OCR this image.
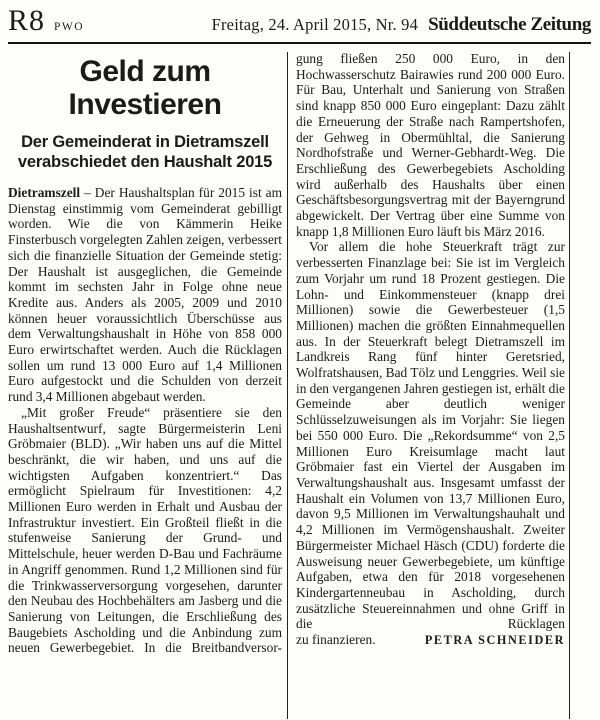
R8 PWO	Freitag, 24. April 2015, Nr. 94 Süddeutsche Zeitung
Geld zum Investieren
Der Gemeinderat in Dietramszell verabschiedet den Haushalt 2015

Dietramszell – Der Haushaltsplan für 2015 ist am Dienstag einstimmig vom Gemeinderat gebilligt worden. Wie die von Kämmerin Heike Finsterbusch vorgelegten Zahlen zeigen, verbessert sich die finanzielle Situation der Gemeinde stetig: Der Haushalt ist ausgeglichen, die Gemeinde kommt im sechsten Jahr in Folge ohne neue Kredite aus. Anders als 2005, 2009 und 2010 können heuer voraussichtlich Überschüsse aus dem Verwaltungshaushalt in Höhe von 858 000 Euro erwirtschaftet werden. Auch die Rücklagen sollen um rund 13 000 Euro auf 1,4 Millionen Euro aufgestockt und die Schulden von derzeit rund 3,4 Millionen abgebaut werden.

„Mit großer Freude“ präsentiere sie den Haushaltsentwurf, sagte Bürgermeisterin Leni Gröbmaier (BLD). „Wir haben uns auf die Mittel beschränkt, die wir haben, und uns auf die wichtigsten Aufgaben konzentriert.“ Das ermöglicht Spielraum für Investitionen: 4,2 Millionen Euro werden in Erhalt und Ausbau der Infrastruktur investiert. Ein Großteil fließt in die stufenweise Sanierung der Grund- und Mittelschule, heuer werden D-Bau und Fachräume in Angriff genommen. Rund 1,2 Millionen sind für die Trinkwasserversorgung vorgesehen, darunter den Neubau des Hochbehälters am Jasberg und die Sanierung von Leitungen, die Erschließung des Baugebiets Ascholding und die Anbindung zum neuen Gewerbegebiet. In die Breitbandversor-

gung fließen 250 000 Euro, in den Hochwasserschutz Bairawies rund 200 000 Euro. Für Bau, Unterhalt und Sanierung von Straßen sind knapp 850 000 Euro eingeplant: Dazu zählt die Erneuerung der Straße nach Rampertshofen, der Gehweg in Obermühltal, die Sanierung Nordhofstraße und Werner-Gebhardt-Weg. Die Erschließung des Gewerbegebiets Ascholding wird außerhalb des Haushalts über einen Geschäftsbesorgungsvertrag mit der Bayerngrund abgewickelt. Der Vertrag über eine Summe von knapp 1,8 Millionen Euro läuft bis März 2016.

Vor allem die hohe Steuerkraft trägt zur verbesserten Finanzlage bei: Sie ist im Vergleich zum Vorjahr um rund 18 Prozent gestiegen. Die Lohn- und Einkommensteuer (knapp drei Millionen) sowie die Gewerbesteuer (1,5 Millionen) machen die größten Einnahmequellen aus. In der Steuerkraft belegt Dietramszell im Landkreis Rang fünf hinter Geretsried, Wolfratshausen, Bad Tölz und Lenggries. Weil sie in den vergangenen Jahren gestiegen ist, erhält die Gemeinde aber deutlich weniger Schlüsselzuweisungen als im Vorjahr: Sie liegen bei 550 000 Euro. Die „Rekordsumme“ von 2,5 Millionen Euro Kreisumlage macht laut Gröbmaier fast ein Viertel der Ausgaben im Verwaltungshaushalt aus. Insgesamt umfasst der Haushalt ein Volumen von 13,7 Millionen Euro, davon 9,5 Millionen im Verwaltungshauhalt und 4,2 Millionen im Vermögenshaushalt. Zweiter Bürgermeister Michael Häsch (CDU) forderte die Ausweisung neuer Gewerbegebiete, um künftige Aufgaben, etwa den für 2018 vorgesehenen Kindergartenneubau in Ascholding, durch zusätzliche Steuereinnahmen und ohne Griff in die Rücklagen

zu finanzieren.	PETRA SCHNEIDER
